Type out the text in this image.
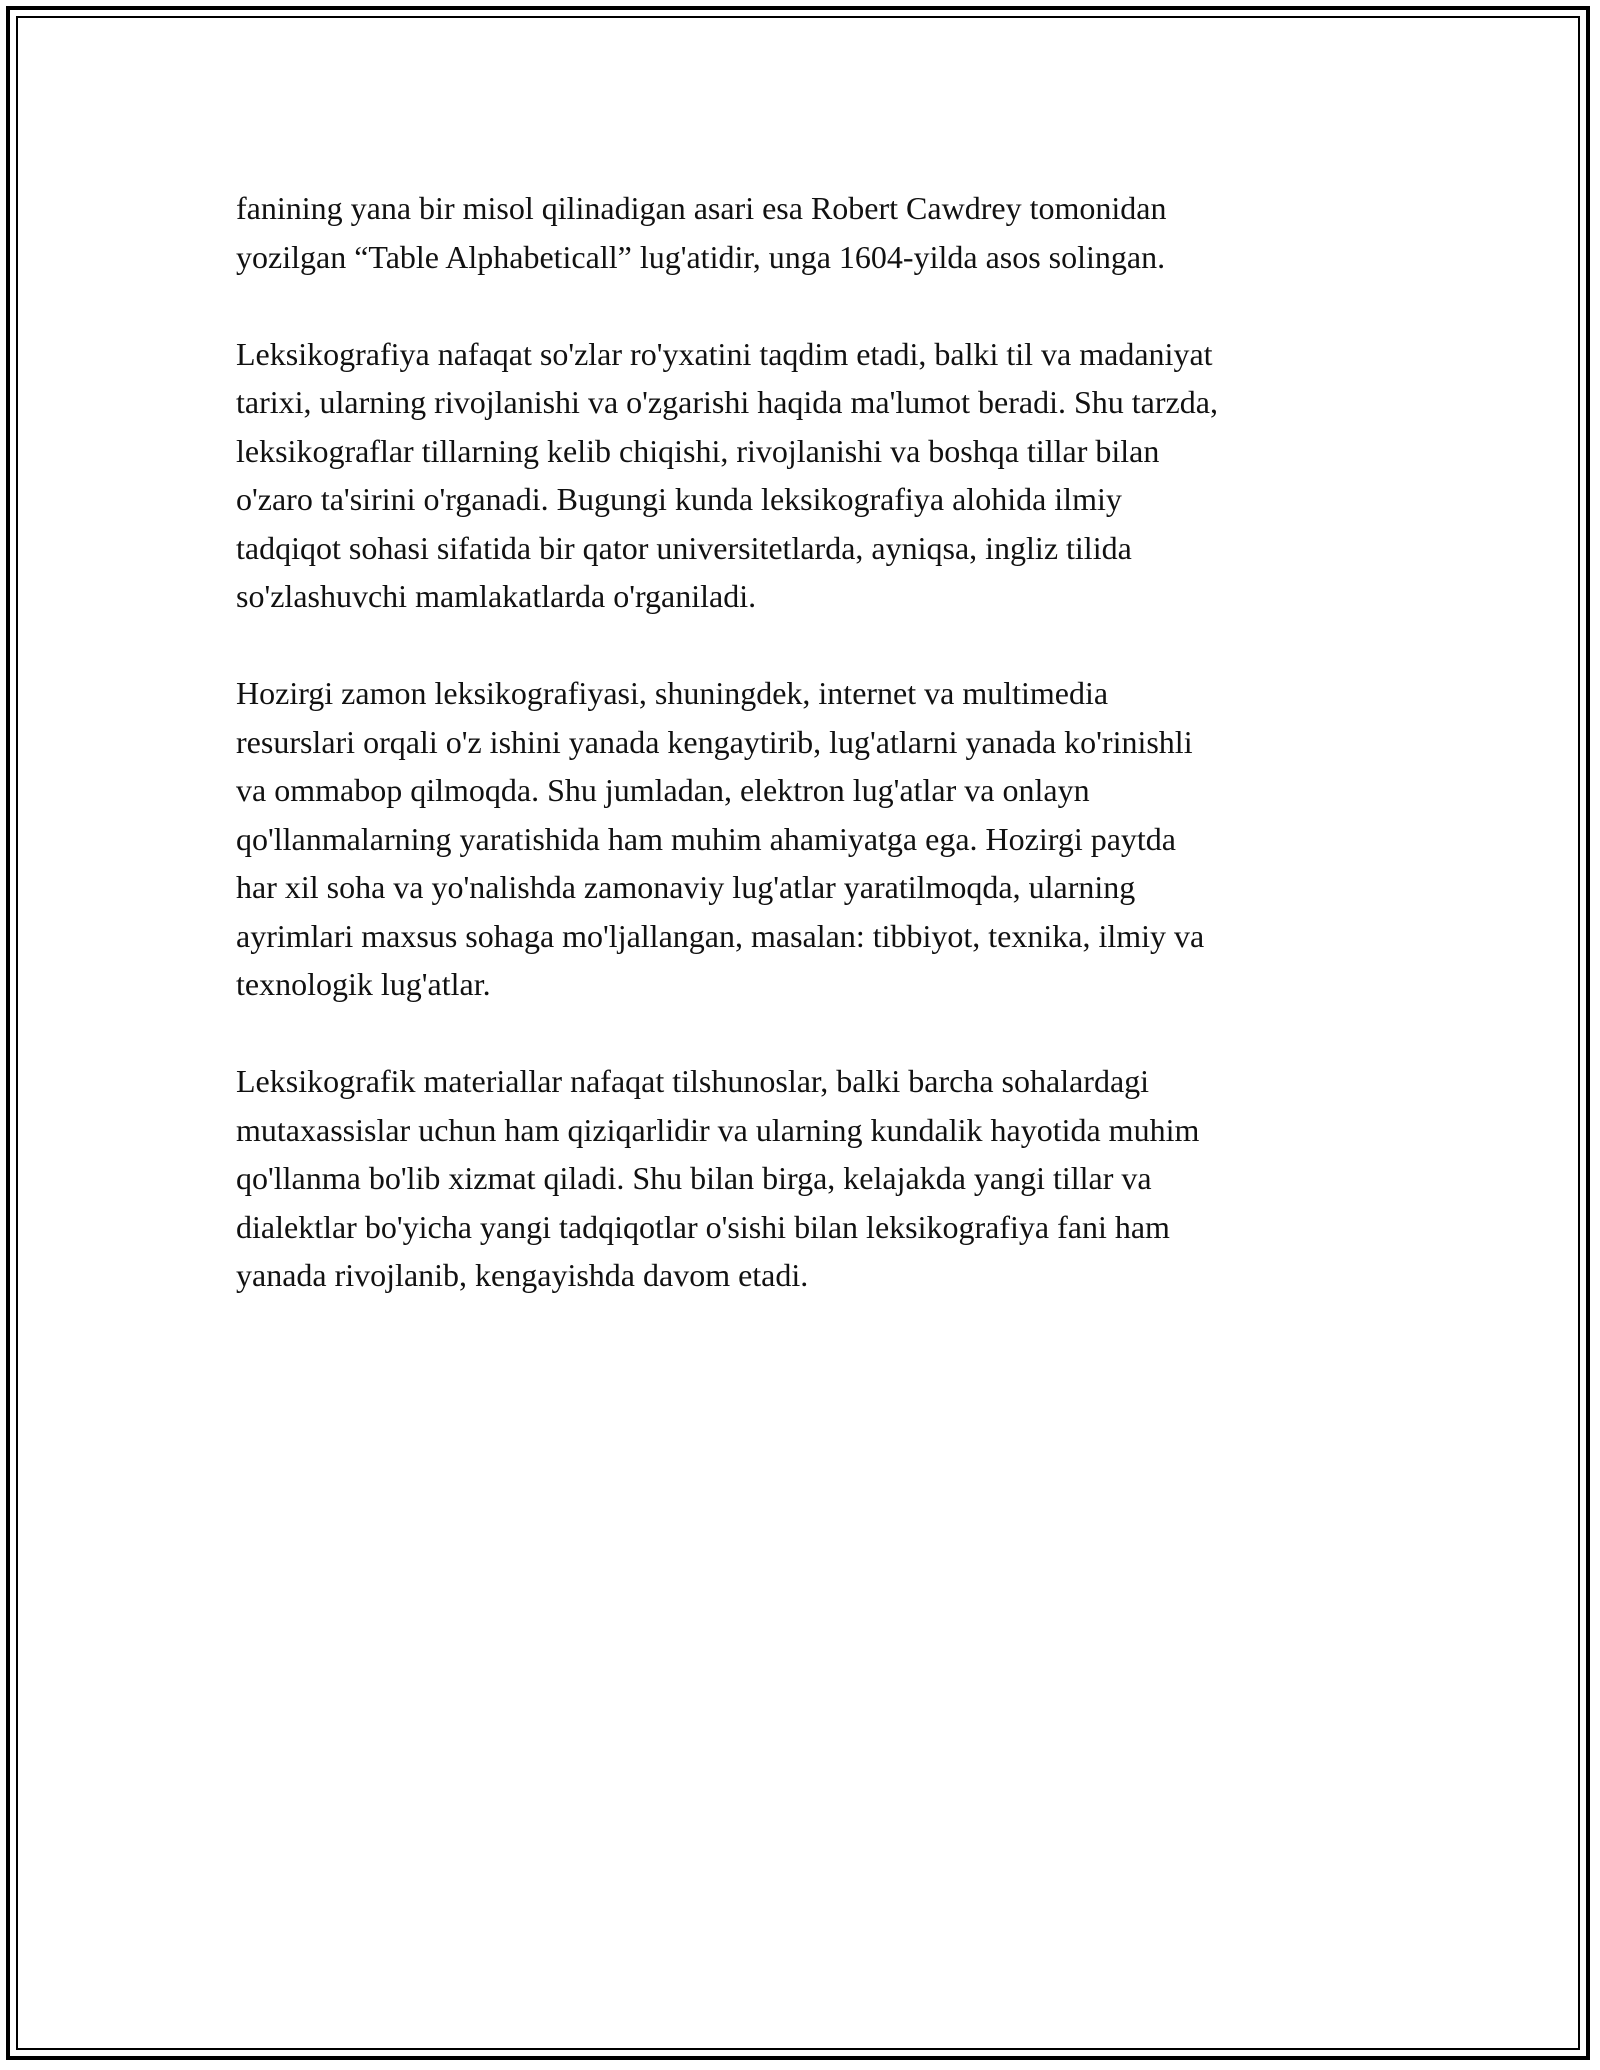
fanining yana bir misol qilinadigan asari esa Robert Cawdrey tomonidan
yozilgan “Table Alphabeticall” lug'atidir, unga 1604-yilda asos solingan.

Leksikografiya nafaqat so'zlar ro'yxatini taqdim etadi, balki til va madaniyat
tarixi, ularning rivojlanishi va o'zgarishi haqida ma'lumot beradi. Shu tarzda,
leksikograflar tillarning kelib chiqishi, rivojlanishi va boshqa tillar bilan
o'zaro ta'sirini o'rganadi. Bugungi kunda leksikografiya alohida ilmiy
tadqiqot sohasi sifatida bir qator universitetlarda, ayniqsa, ingliz tilida
so'zlashuvchi mamlakatlarda o'rganiladi.

Hozirgi zamon leksikografiyasi, shuningdek, internet va multimedia
resurslari orqali o'z ishini yanada kengaytirib, lug'atlarni yanada ko'rinishli
va ommabop qilmoqda. Shu jumladan, elektron lug'atlar va onlayn
qo'llanmalarning yaratishida ham muhim ahamiyatga ega. Hozirgi paytda
har xil soha va yo'nalishda zamonaviy lug'atlar yaratilmoqda, ularning
ayrimlari maxsus sohaga mo'ljallangan, masalan: tibbiyot, texnika, ilmiy va
texnologik lug'atlar.

Leksikografik materiallar nafaqat tilshunoslar, balki barcha sohalardagi
mutaxassislar uchun ham qiziqarlidir va ularning kundalik hayotida muhim
qo'llanma bo'lib xizmat qiladi. Shu bilan birga, kelajakda yangi tillar va
dialektlar bo'yicha yangi tadqiqotlar o'sishi bilan leksikografiya fani ham
yanada rivojlanib, kengayishda davom etadi.
